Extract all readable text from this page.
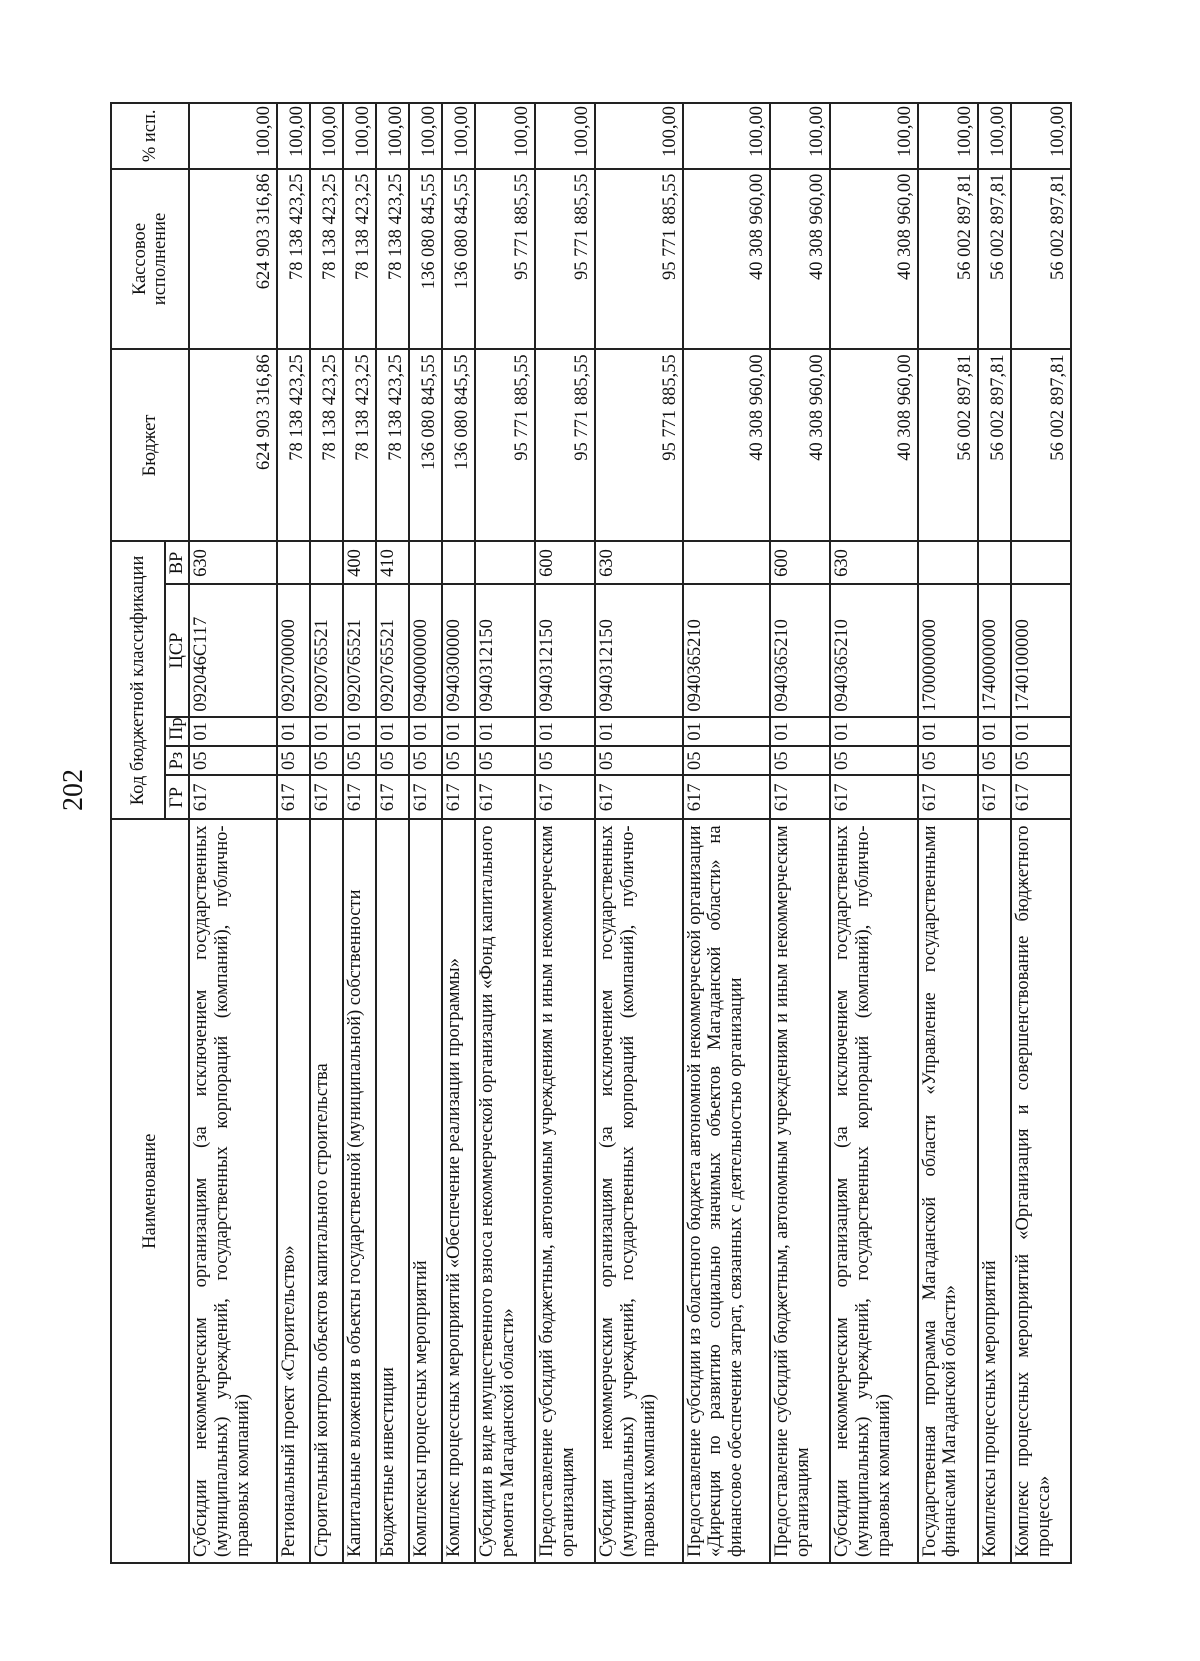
202
Наименование	Код бюджетной классификации					Бюджет	Кассовое исполнение	% исп.
	ГР	Рз	Пр	ЦСР	ВР			
Субсидии некоммерческим организациям (за исключением государственных (муниципальных) учреждений, государственных корпораций (компаний), публично-правовых компаний)	617	05	01	092046С117	630	624 903 316,86	624 903 316,86	100,00
Региональный проект «Строительство»	617	05	01	0920700000		78 138 423,25	78 138 423,25	100,00
Строительный контроль объектов капитального строительства	617	05	01	0920765521		78 138 423,25	78 138 423,25	100,00
Капитальные вложения в объекты государственной (муниципальной) собственности	617	05	01	0920765521	400	78 138 423,25	78 138 423,25	100,00
Бюджетные инвестиции	617	05	01	0920765521	410	78 138 423,25	78 138 423,25	100,00
Комплексы процессных мероприятий	617	05	01	0940000000		136 080 845,55	136 080 845,55	100,00
Комплекс процессных мероприятий «Обеспечение реализации программы»	617	05	01	0940300000		136 080 845,55	136 080 845,55	100,00
Субсидии в виде имущественного взноса некоммерческой организации «Фонд капитального ремонта Магаданской области»	617	05	01	0940312150		95 771 885,55	95 771 885,55	100,00
Предоставление субсидий бюджетным, автономным учреждениям и иным некоммерческим организациям	617	05	01	0940312150	600	95 771 885,55	95 771 885,55	100,00
Субсидии некоммерческим организациям (за исключением государственных (муниципальных) учреждений, государственных корпораций (компаний), публично-правовых компаний)	617	05	01	0940312150	630	95 771 885,55	95 771 885,55	100,00
Предоставление субсидии из областного бюджета автономной некоммерческой организации «Дирекция по развитию социально значимых объектов Магаданской области» на финансовое обеспечение затрат, связанных с деятельностью организации	617	05	01	0940365210		40 308 960,00	40 308 960,00	100,00
Предоставление субсидий бюджетным, автономным учреждениям и иным некоммерческим организациям	617	05	01	0940365210	600	40 308 960,00	40 308 960,00	100,00
Субсидии некоммерческим организациям (за исключением государственных (муниципальных) учреждений, государственных корпораций (компаний), публично-правовых компаний)	617	05	01	0940365210	630	40 308 960,00	40 308 960,00	100,00
Государственная программа Магаданской области «Управление государственными финансами Магаданской области»	617	05	01	1700000000		56 002 897,81	56 002 897,81	100,00
Комплексы процессных мероприятий	617	05	01	1740000000		56 002 897,81	56 002 897,81	100,00
Комплекс процессных мероприятий «Организация и совершенствование бюджетного процесса»	617	05	01	1740100000		56 002 897,81	56 002 897,81	100,00
